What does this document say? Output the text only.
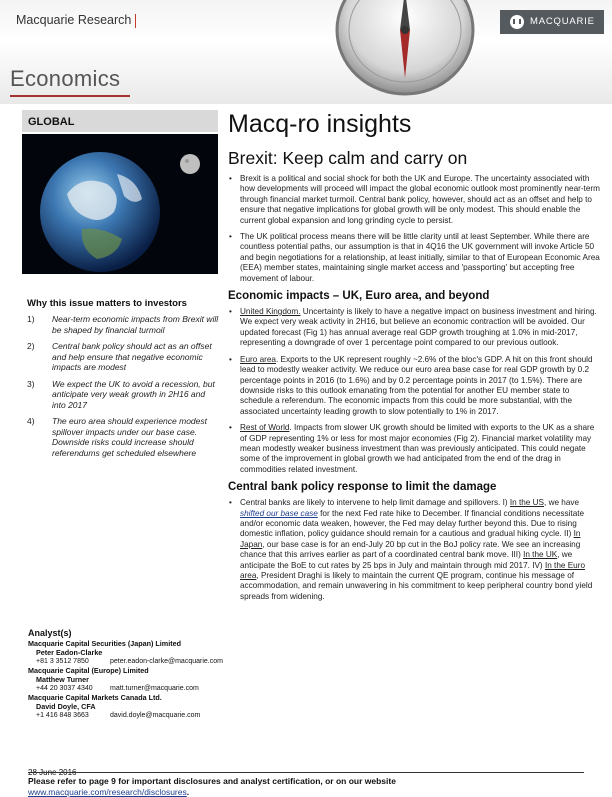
Macquarie Research	MACQUARIE
Economics
GLOBAL
Why this issue matters to investors
1) Near-term economic impacts from Brexit will be shaped by financial turmoil
2) Central bank policy should act as an offset and help ensure that negative economic impacts are modest
3) We expect the UK to avoid a recession, but anticipate very weak growth in 2H16 and into 2017
4) The euro area should experience modest spillover impacts under our base case. Downside risks could increase should referendums get scheduled elsewhere
Analyst(s)
Macquarie Capital Securities (Japan) Limited
Peter Eadon-Clarke
+81 3 3512 7850	peter.eadon-clarke@macquarie.com
Macquarie Capital (Europe) Limited
Matthew Turner
+44 20 3037 4340 matt.turner@macquarie.com
Macquarie Capital Markets Canada Ltd.
David Doyle, CFA
+1 416 848 3663	david.doyle@macquarie.com
Macq-ro insights
Brexit: Keep calm and carry on
• Brexit is a political and social shock for both the UK and Europe. The uncertainty associated with how developments will proceed will impact the global economic outlook most prominently near-term through financial market turmoil. Central bank policy, however, should act as an offset and help to ensure that negative implications for global growth will be only modest. This should enable the current global expansion and long grinding cycle to persist.
• The UK political process means there will be little clarity until at least September. While there are countless potential paths, our assumption is that in 4Q16 the UK government will invoke Article 50 and begin negotiations for a relationship, at least initially, similar to that of European Economic Area (EEA) member states, maintaining single market access and 'passporting' but accepting free movement of labour.
Economic impacts – UK, Euro area, and beyond
• United Kingdom. Uncertainty is likely to have a negative impact on business investment and hiring. We expect very weak activity in 2H16, but believe an economic contraction will be avoided. Our updated forecast (Fig 1) has annual average real GDP growth troughing at 1.0% in mid-2017, representing a downgrade of over 1 percentage point compared to our previous outlook.
• Euro area. Exports to the UK represent roughly ~2.6% of the bloc's GDP. A hit on this front should lead to modestly weaker activity. We reduce our euro area base case for real GDP growth by 0.2 percentage points in 2016 (to 1.6%) and by 0.2 percentage points in 2017 (to 1.5%). There are downside risks to this outlook emanating from the potential for another EU member state to schedule a referendum. The economic impacts from this could be more substantial, with the associated uncertainty leading growth to slow potentially to 1% in 2017.
• Rest of World. Impacts from slower UK growth should be limited with exports to the UK as a share of GDP representing 1% or less for most major economies (Fig 2). Financial market volatility may mean modestly weaker business investment than was previously anticipated. This could negate some of the improvement in global growth we had anticipated from the end of the drag in commodities related investment.
Central bank policy response to limit the damage
• Central banks are likely to intervene to help limit damage and spillovers. I) In the US, we have shifted our base case for the next Fed rate hike to December. If financial conditions necessitate and/or economic data weaken, however, the Fed may delay further beyond this. Due to rising domestic inflation, policy guidance should remain for a cautious and gradual hiking cycle. II) In Japan, our base case is for an end-July 20 bp cut in the BoJ policy rate. We see an increasing chance that this arrives earlier as part of a coordinated central bank move. III) In the UK, we anticipate the BoE to cut rates by 25 bps in July and maintain through mid 2017. IV) In the Euro area, President Draghi is likely to maintain the current QE program, continue his message of accommodation, and remain unwavering in his commitment to keep peripheral country bond yield spreads from widening.
Please refer to page 9 for important disclosures and analyst certification, or on our website
www.macquarie.com/research/disclosures.
